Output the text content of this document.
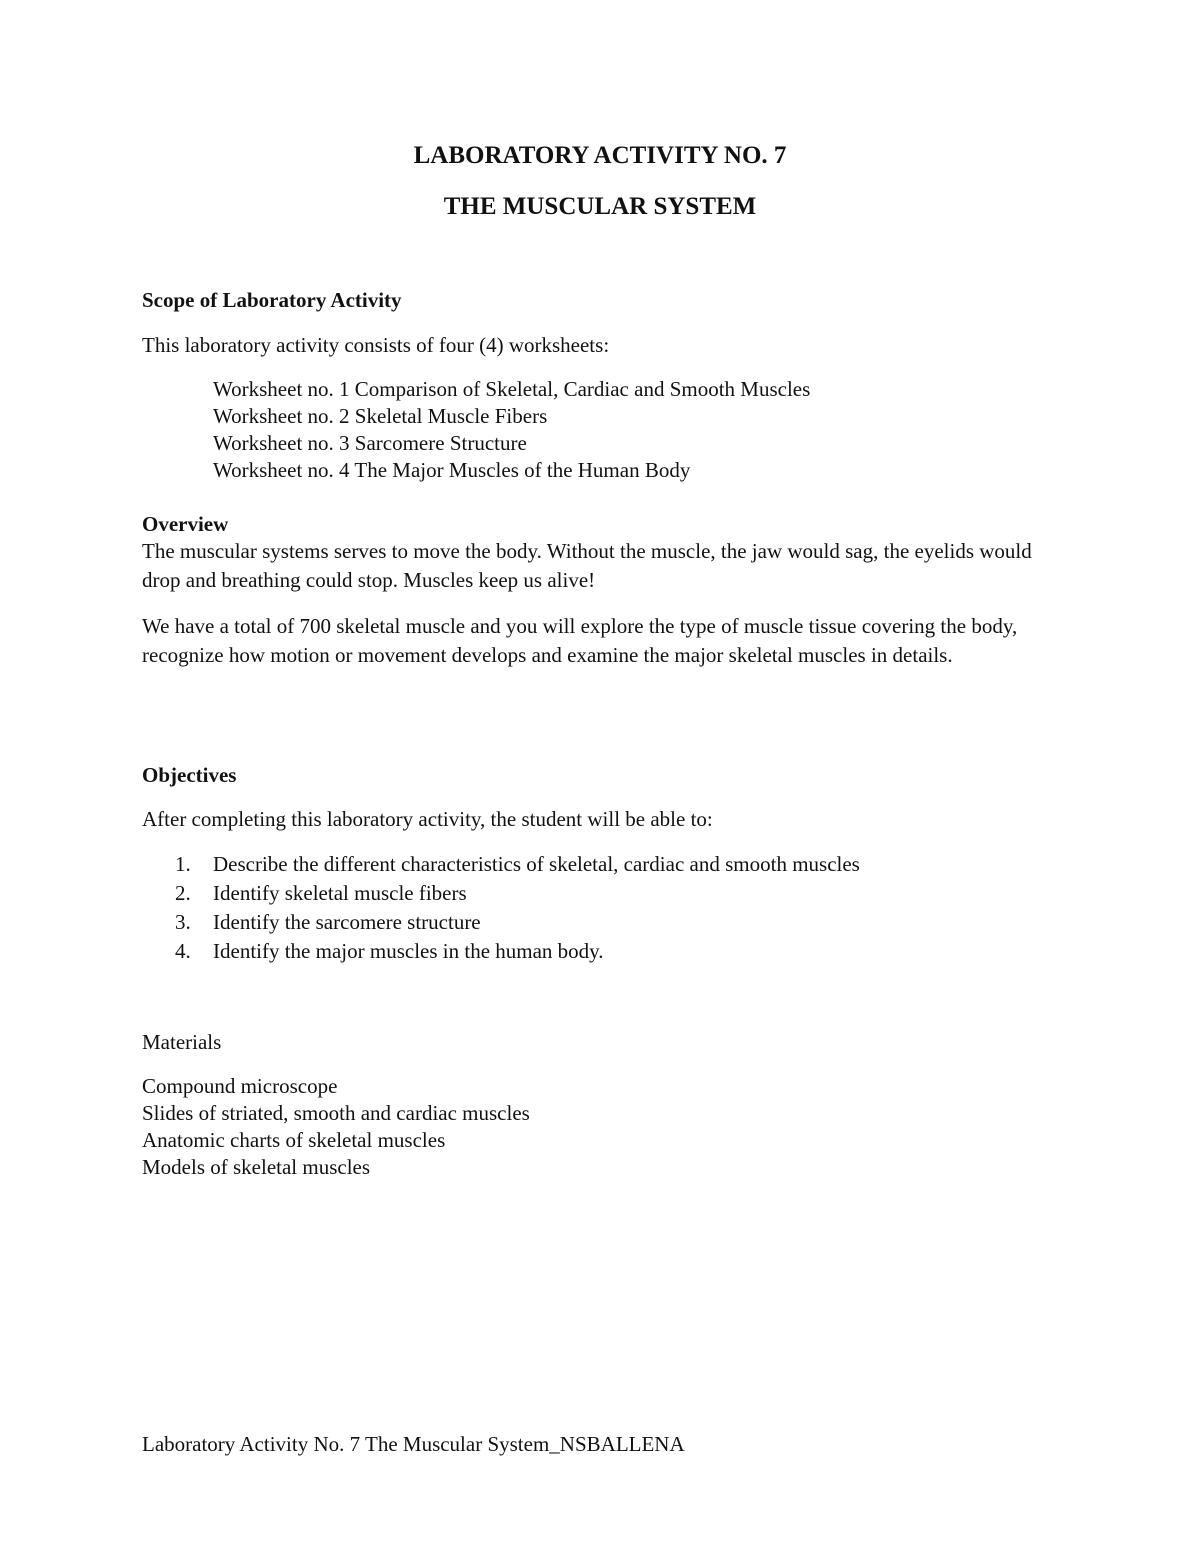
LABORATORY ACTIVITY NO. 7
THE MUSCULAR SYSTEM
Scope of Laboratory Activity
This laboratory activity consists of four (4) worksheets:
Worksheet no. 1 Comparison of Skeletal, Cardiac and Smooth Muscles
Worksheet no. 2 Skeletal Muscle Fibers
Worksheet no. 3 Sarcomere Structure
Worksheet no. 4 The Major Muscles of the Human Body
Overview

The muscular systems serves to move the body. Without the muscle, the jaw would sag, the eyelids would drop and breathing could stop. Muscles keep us alive!

We have a total of 700 skeletal muscle and you will explore the type of muscle tissue covering the body, recognize how motion or movement develops and examine the major skeletal muscles in details.

Objectives
After completing this laboratory activity, the student will be able to:
1. Describe the different characteristics of skeletal, cardiac and smooth muscles
2. Identify skeletal muscle fibers
3. Identify the sarcomere structure
4. Identify the major muscles in the human body.
Materials
Compound microscope
Slides of striated, smooth and cardiac muscles
Anatomic charts of skeletal muscles
Models of skeletal muscles
Laboratory Activity No. 7 The Muscular System_NSBALLENA
